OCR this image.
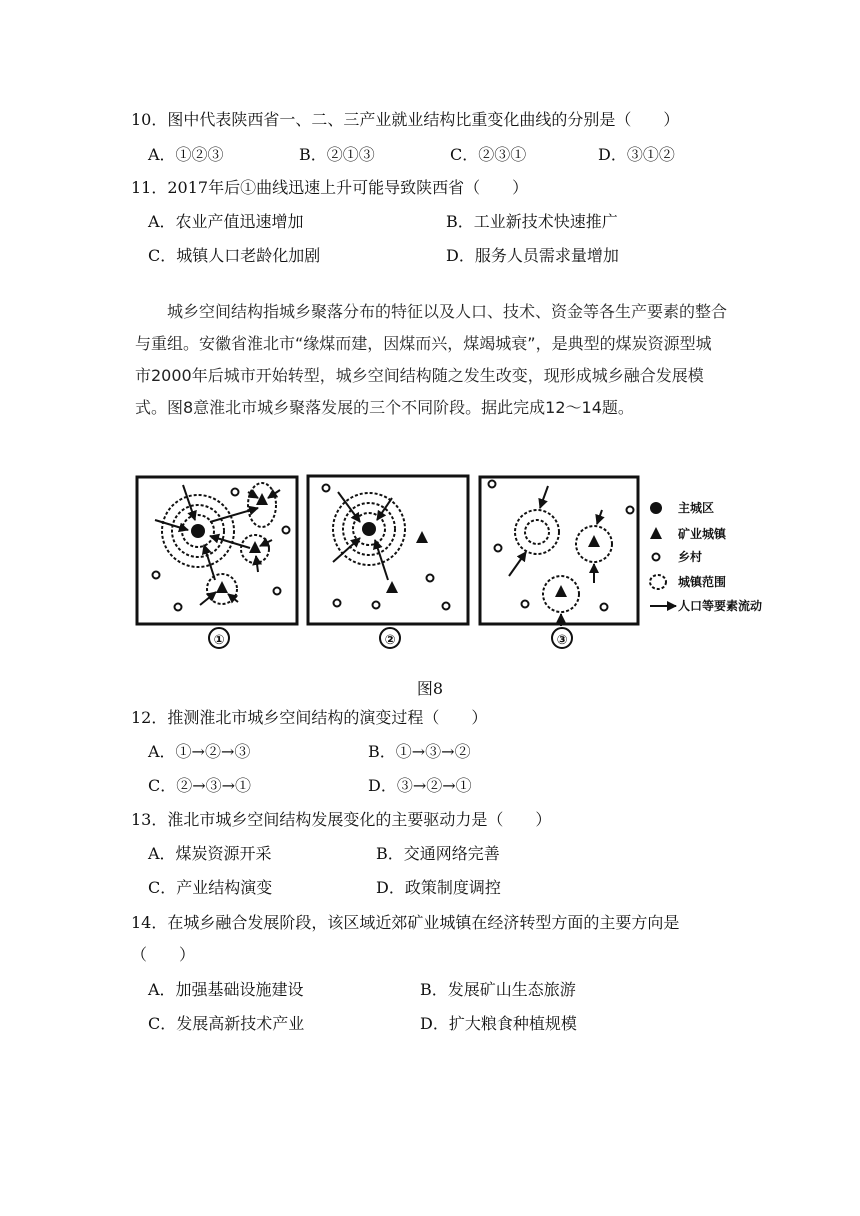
10．图中代表陕西省一、二、三产业就业结构比重变化曲线的分别是（　　）
A．①②③	B．②①③	C．②③①	D．③①②
11．2017年后①曲线迅速上升可能导致陕西省（　　）
A．农业产值迅速增加	B．工业新技术快速推广
C．城镇人口老龄化加剧	D．服务人员需求量增加
城乡空间结构指城乡聚落分布的特征以及人口、技术、资金等各生产要素的整合与重组。安徽省淮北市“缘煤而建，因煤而兴，煤竭城衰”，是典型的煤炭资源型城市2000年后城市开始转型，城乡空间结构随之发生改变，现形成城乡融合发展模式。图8意淮北市城乡聚落发展的三个不同阶段。据此完成12～14题。
①	②	③
主城区
矿业城镇
乡村
城镇范围
人口等要素流动
图8
12．推测淮北市城乡空间结构的演变过程（　　）
A．①→②→③	B．①→③→②
C．②→③→①	D．③→②→①
13．淮北市城乡空间结构发展变化的主要驱动力是（　　）
A．煤炭资源开采	B．交通网络完善
C．产业结构演变	D．政策制度调控
14．在城乡融合发展阶段，该区域近郊矿业城镇在经济转型方面的主要方向是
（　　）
A．加强基础设施建设	B．发展矿山生态旅游
C．发展高新技术产业	D．扩大粮食种植规模
